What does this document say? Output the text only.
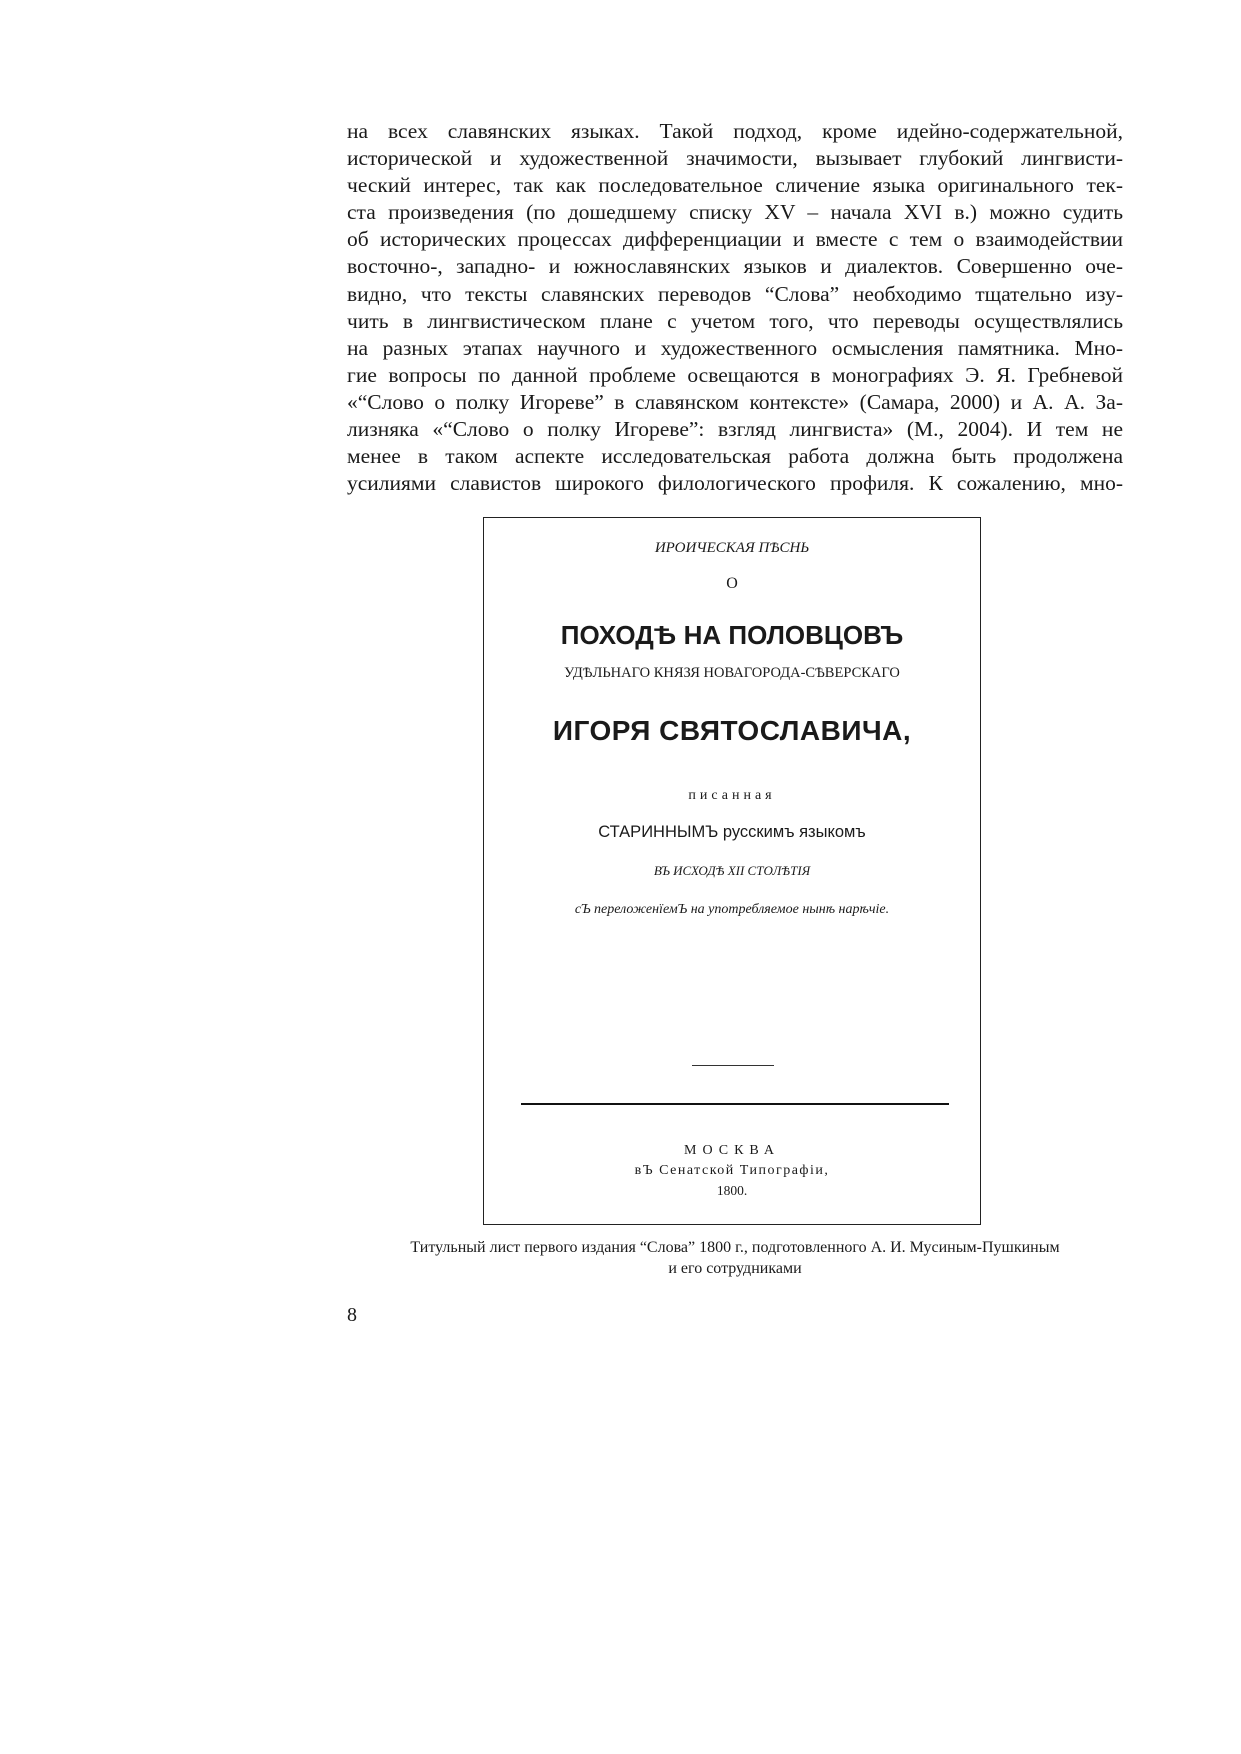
на всех славянских языках. Такой подход, кроме идейно-содержательной,
исторической и художественной значимости, вызывает глубокий лингвисти-
ческий интерес, так как последовательное сличение языка оригинального тек-
ста произведения (по дошедшему списку XV – начала XVI в.) можно судить
об исторических процессах дифференциации и вместе с тем о взаимодействии
восточно-, западно- и южнославянских языков и диалектов. Совершенно оче-
видно, что тексты славянских переводов “Слова” необходимо тщательно изу-
чить в лингвистическом плане с учетом того, что переводы осуществлялись
на разных этапах научного и художественного осмысления памятника. Мно-
гие вопросы по данной проблеме освещаются в монографиях Э. Я. Гребневой
«“Слово о полку Игореве” в славянском контексте» (Самара, 2000) и А. А. За-
лизняка «“Слово о полку Игореве”: взгляд лингвиста» (М., 2004). И тем не
менее в таком аспекте исследовательская работа должна быть продолжена
усилиями славистов широкого филологического профиля. К сожалению, мно-
ИРОИЧЕСКАЯ ПѢСНЬ
О
ПОХОДѢ НА ПОЛОВЦОВЪ
УДѢЛЬНАГО КНЯЗЯ НОВАГОРОДА-СѢВЕРСКАГО
ИГОРЯ СВЯТОСЛАВИЧА,
писанная
СТАРИННЫМЪ русскимъ языкомъ
ВЪ ИСХОДѢ XII СТОЛѢТIЯ
сЪ переложенїемЪ на употребляемое нынѣ нарѣчіе.
МОСКВА
вЪ Сенатской Типографіи,
1800.
Титульный лист первого издания “Слова” 1800 г., подготовленного А. И. Мусиным-Пушкиным
и его сотрудниками
8
